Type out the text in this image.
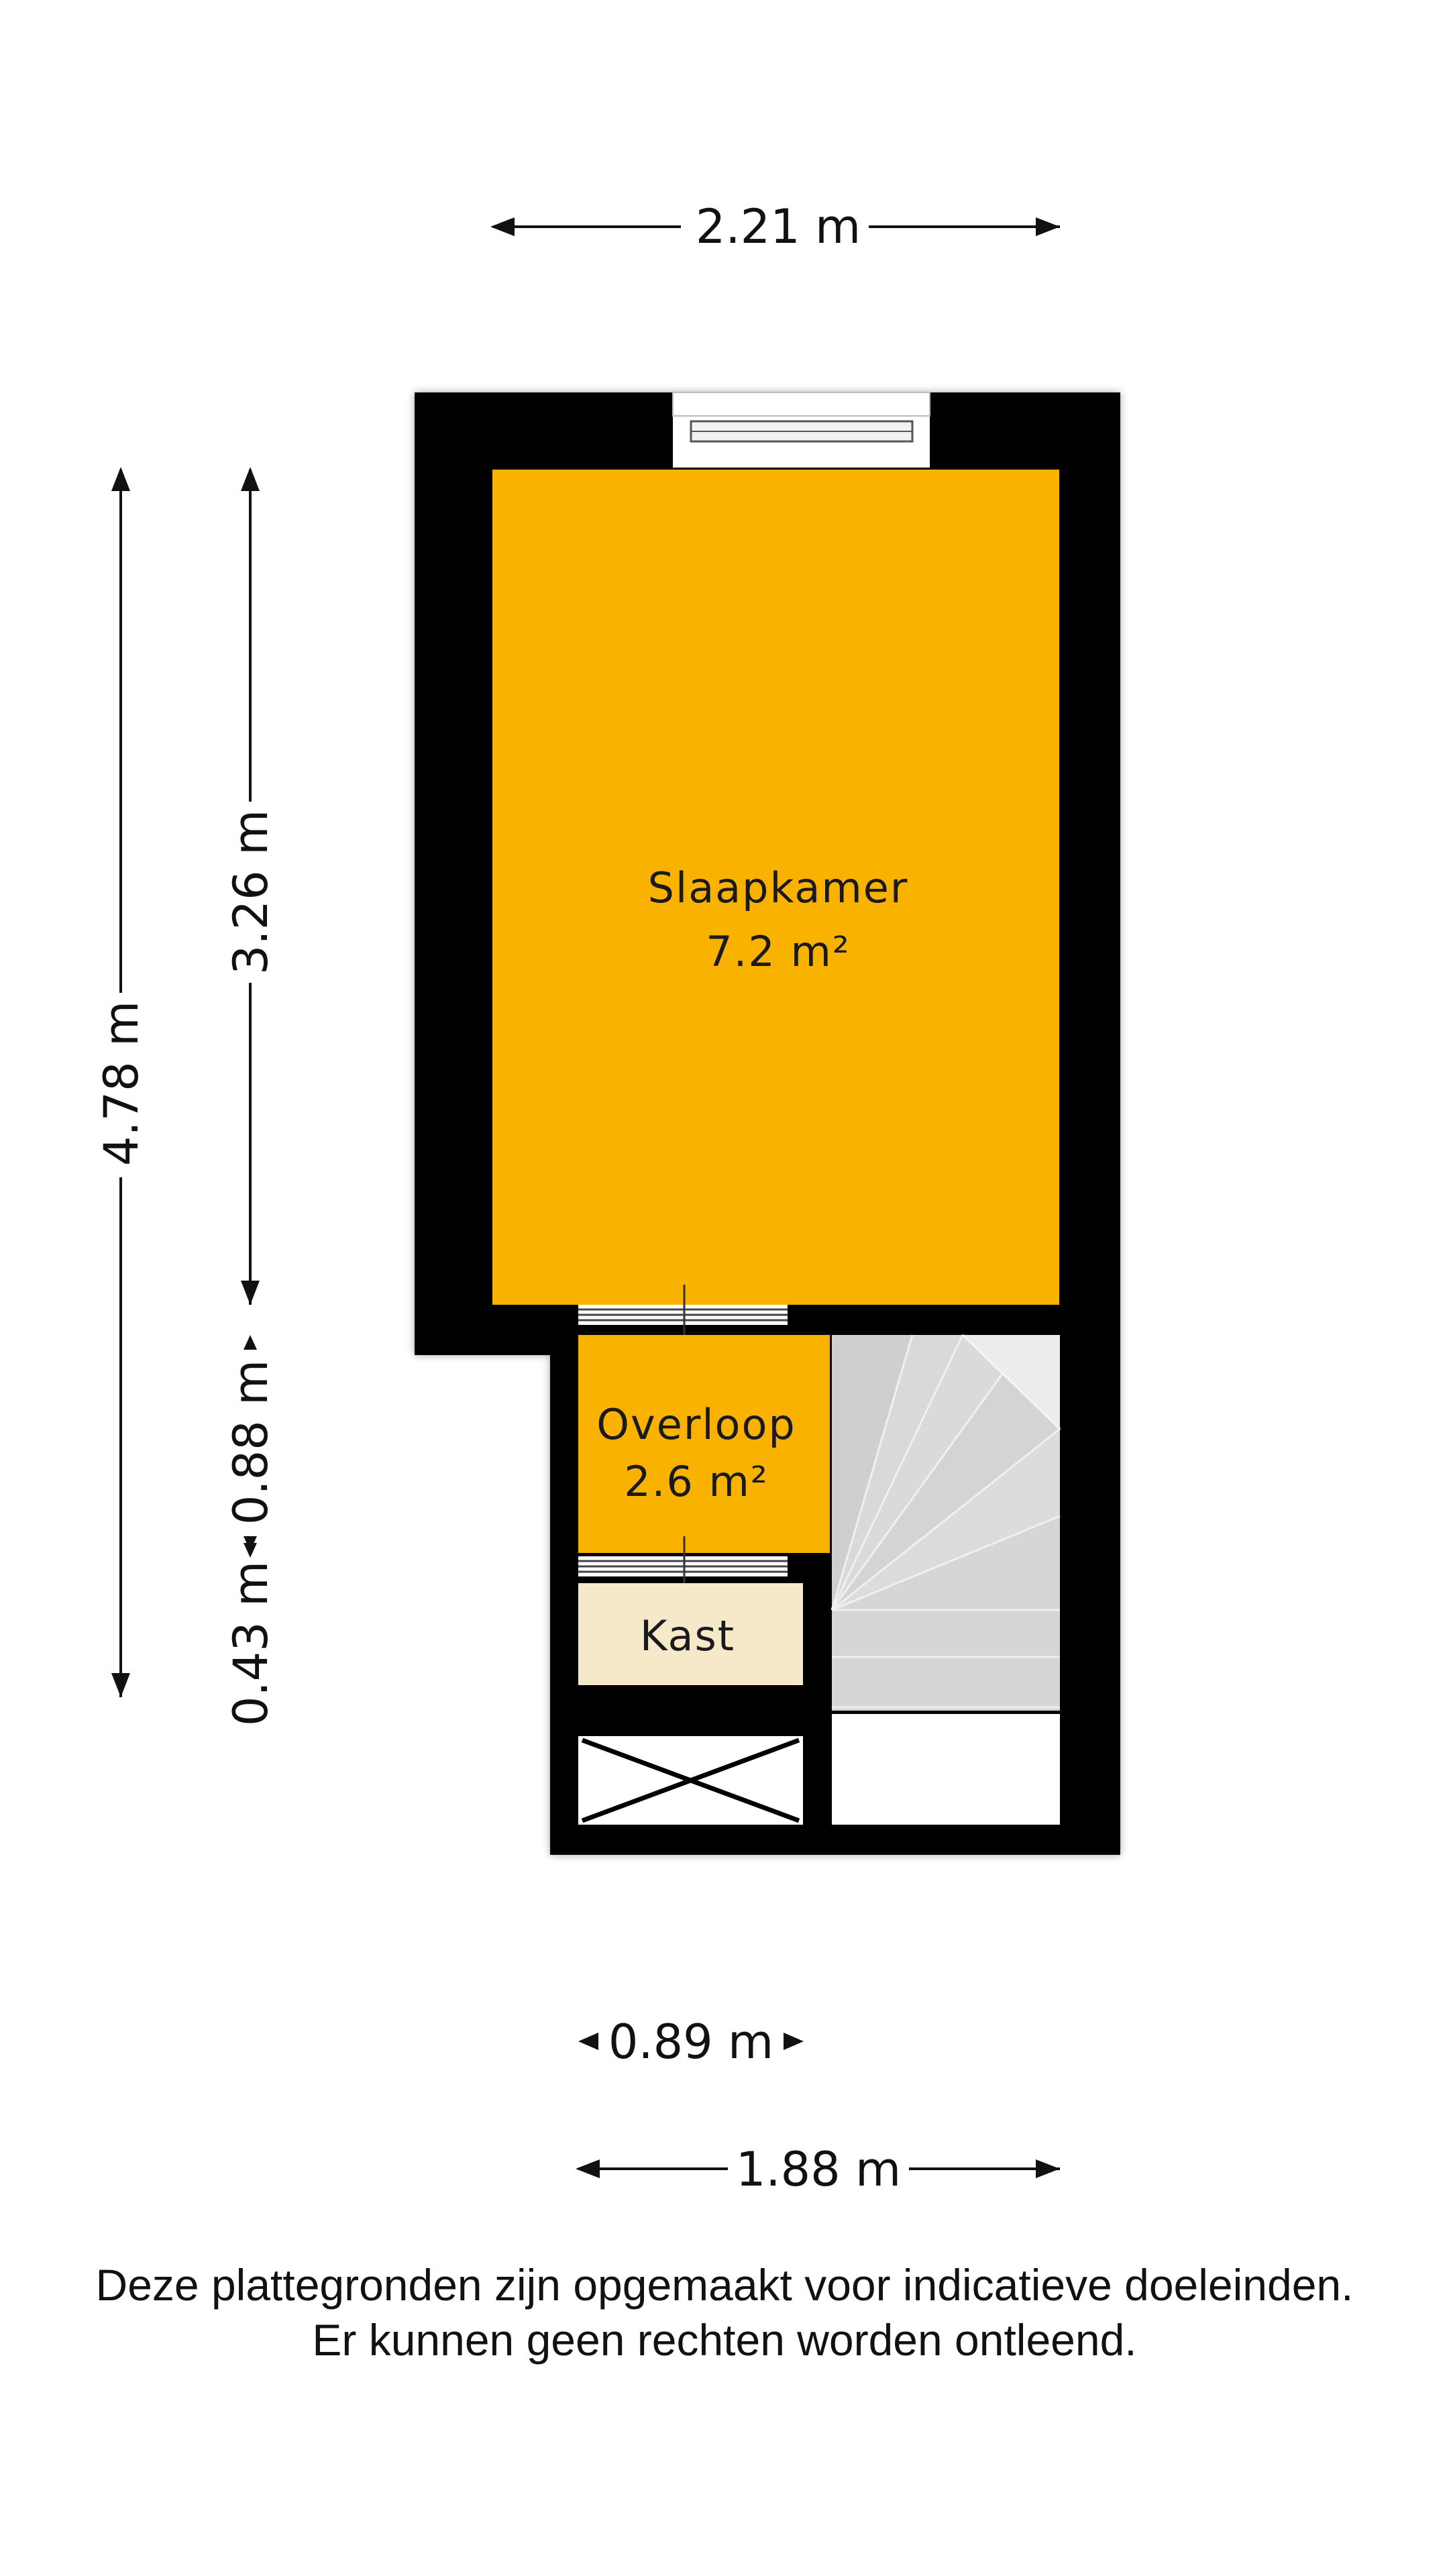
Slaapkamer
7.2 m²
Overloop
2.6 m²
Kast
2.21 m
4.78 m
3.26 m
0.88 m
0.43 m
0.89 m
1.88 m
Deze plattegronden zijn opgemaakt voor indicatieve doeleinden.
Er kunnen geen rechten worden ontleend.
